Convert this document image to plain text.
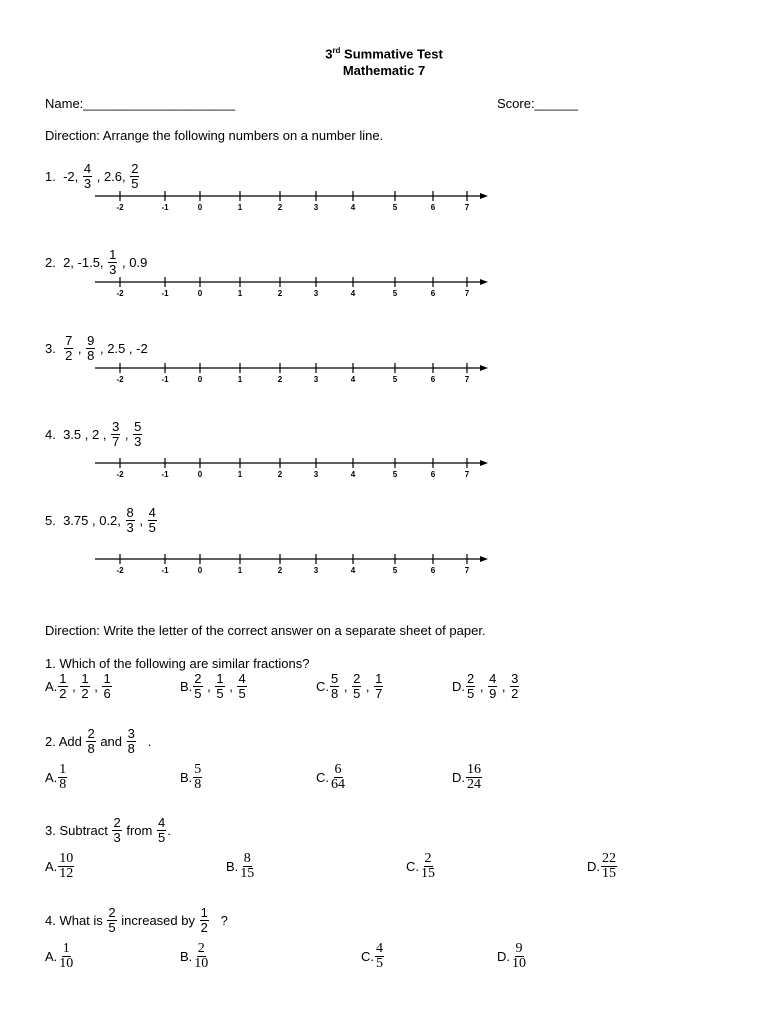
3rd Summative Test
Mathematic 7
Name:_____________________	Score:______
Direction: Arrange the following numbers on a number line.
1. -2, $\frac{4}{3}$ , 2.6, $\frac{2}{5}$
-2	-1	0	1	2	3	4	5	6	7
2. 2, -1.5, $\frac{1}{3}$ , 0.9
-2	-1	0	1	2	3	4	5	6	7
3. $\frac{7}{2}$ , $\frac{9}{8}$ , 2.5 , -2
-2	-1	0	1	2	3	4	5	6	7
4. 3.5 , 2 , $\frac{3}{7}$ , $\frac{5}{3}$
-2	-1	0	1	2	3	4	5	6	7
5. 3.75 , 0.2, $\frac{8}{3}$ , $\frac{4}{5}$
-2	-1	0	1	2	3	4	5	6	7
Direction: Write the letter of the correct answer on a separate sheet of paper.
1. Which of the following are similar fractions?
A. $\frac{1}{2}$ , $\frac{1}{2}$ , $\frac{1}{6}$	B. $\frac{2}{5}$ , $\frac{1}{5}$ , $\frac{4}{5}$	C. $\frac{5}{8}$ , $\frac{2}{5}$ , $\frac{1}{7}$	D. $\frac{2}{5}$ , $\frac{4}{9}$ , $\frac{3}{2}$
2. Add $\frac{2}{8}$ and $\frac{3}{8}$ .
A. $\frac{1}{8}$	B. $\frac{5}{8}$	C. $\frac{6}{64}$	D. $\frac{16}{24}$
3. Subtract $\frac{2}{3}$ from $\frac{4}{5}$ .
A. $\frac{10}{12}$	B. $\frac{8}{15}$	C. $\frac{2}{15}$	D. $\frac{22}{15}$
4. What is $\frac{2}{5}$ increased by $\frac{1}{2}$ ?
A. $\frac{1}{10}$	B. $\frac{2}{10}$	C. $\frac{4}{5}$	D. $\frac{9}{10}$
